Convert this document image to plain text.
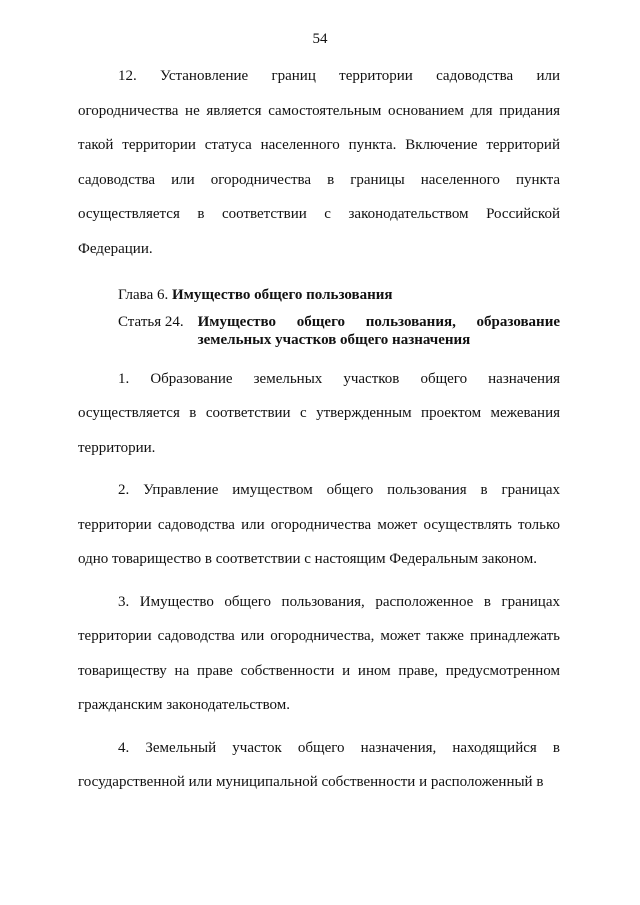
54

12. Установление границ территории садоводства или огородничества не является самостоятельным основанием для придания такой территории статуса населенного пункта. Включение территорий садоводства или огородничества в границы населенного пункта осуществляется в соответствии с законодательством Российской Федерации.

Глава 6. Имущество общего пользования

Статья 24. Имущество общего пользования, образование
земельных участков общего назначения

1. Образование земельных участков общего назначения осуществляется в соответствии с утвержденным проектом межевания территории.

2. Управление имуществом общего пользования в границах территории садоводства или огородничества может осуществлять только одно товарищество в соответствии с настоящим Федеральным законом.

3. Имущество общего пользования, расположенное в границах территории садоводства или огородничества, может также принадлежать товариществу на праве собственности и ином праве, предусмотренном гражданским законодательством.

4. Земельный участок общего назначения, находящийся в государственной или муниципальной собственности и расположенный в
